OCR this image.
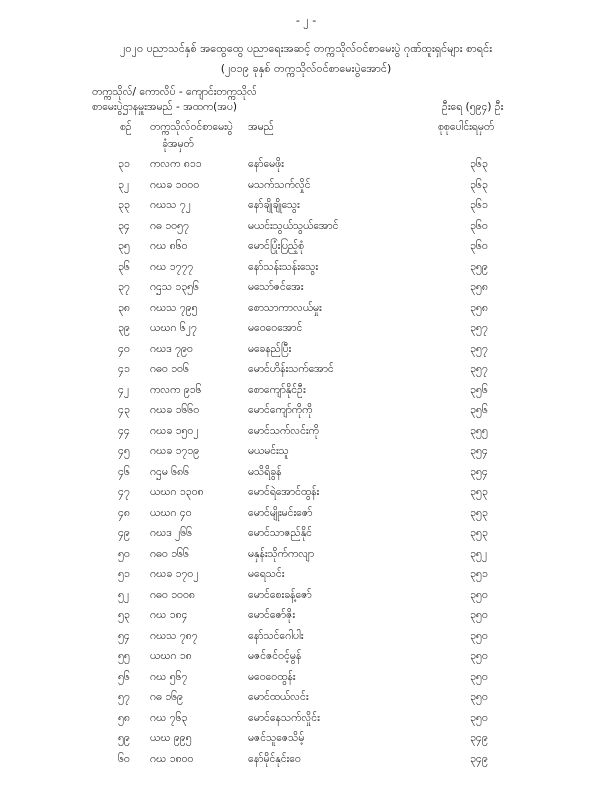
- ၂ -
၂၀၂၀ ပညာသင်နှစ် အထွေထွေ ပညာရေးအဆင့် တက္ကသိုလ်ဝင်စာမေးပွဲ ဂုဏ်ထူးရှင်များ စာရင်း
(၂၀၁၉ ခုနှစ် တက္ကသိုလ်ဝင်စာမေးပွဲအောင်)
တက္ကသိုလ်/ ကောလိပ် - ကျောင်းတက္ကသိုလ်
စာမေးပွဲဌာနမှူးအမည် - အထက(အပ)	ဦးရေ (၅၉၄) ဦး
စဉ် တက္ကသိုလ်ဝင်စာမေးပွဲ အမည်	စုစုပေါင်းရမှတ်
ခုံအမှတ်
၃၁ ကလက ၈၁၁	နော်မေဖိုး	၃၆၃
၃၂ ဂဃခ ၁၀၀၀	မသက်သက်လှိုင်	၃၆၃
၃၃ ဂဃသ ၇၂	နော်ချိုချိုသွေး	၃၆၁
၃၄ ဂဓ ၁၀၅၇	မယင်းသွယ်သွယ်အောင်	၃၆၀
၃၅ ဂဃ ၈၆၀	မောင်ပြုံးပြည့်စုံ	၃၆၀
၃၆ ဂဃ ၁၇၇၇	နော်သန်းသန်းသွေး	၃၅၉
၃၇ ဂဌသ ၁၃၅၆	မသော်ဇင်အေး	၃၅၈
၃၈ ဂဃသ ၇၉၅	စောသာကာလယ်မှုး	၃၅၈
၃၉ ယဃဂ ၆၂၇	မဝေဝေအောင်	၃၅၇
၄၀ ဂဃဒ ၇၉၀	မခေနည်ပြီး	၃၅၇
၄၁ ဂဓဝ ၁၀၆	မောင်ဟိန်းသက်အောင်	၃၅၇
၄၂ ကလက ၉၁၆	စောကျော်နိုင်ဦး	၃၅၆
၄၃ ဂဃခ ၁၆၆၀	မောင်ကျော်ကိုကို	၃၅၆
၄၄ ဂဃခ ၁၅၀၂	မောင်သက်လင်းကို	၃၅၅
၄၅ ဂဃခ ၁၇၁၉	မယမင်းသူ	၃၅၄
၄၆ ဂဌမ ၆၈၆	မသိရိခွန်	၃၅၄
၄၇ ယဃဂ ၁၃၀၈	မောင်ရဲအောင်ထွန်း	၃၅၃
၄၈ ယဃဂ ၄၀	မောင်မျိုးမင်းဇော်	၃၅၃
၄၉ ဂဃဒ ၂၆၆	မောင်သာဇည်နိုင်	၃၅၃
၅၀ ဂဓဝ ၁၆၆	မနှန်းသိုက်ကလျာ	၃၅၂
၅၁ ဂဃခ ၁၇၀၂	မရေသင်း	၃၅၁
၅၂ ဂဓဝ ၁၀၀၈	မောင်စေးခန့်ဇော်	၃၅၀
၅၃ ဂဃ ၁၈၄	မောင်ဇော်ဇိုး	၃၅၀
၅၄ ဂဃသ ၇၈၇	နော်သင်ဂေါပါး	၃၅၀
၅၅ ယဃဂ ၁၈	မဇင်ဇင်ဝင့်မွန်	၃၅၀
၅၆ ဂဃ ၅၆၇	မဝေဝေထွန်း	၃၅၀
၅၇ ဂဓ ၁၆၉	မောင်ထယ်လင်း	၃၅၀
၅၈ ဂဃ ၇၆၃	မောင်နေသက်လှိုင်း	၃၅၀
၅၉ ယဃ ၉၉၅	မဇင်သူဇေသိမ့်	၃၄၉
၆၀ ဂဃ ၁၈၀၀	နော်မိုင်နုင်းဝေ	၃၄၉
